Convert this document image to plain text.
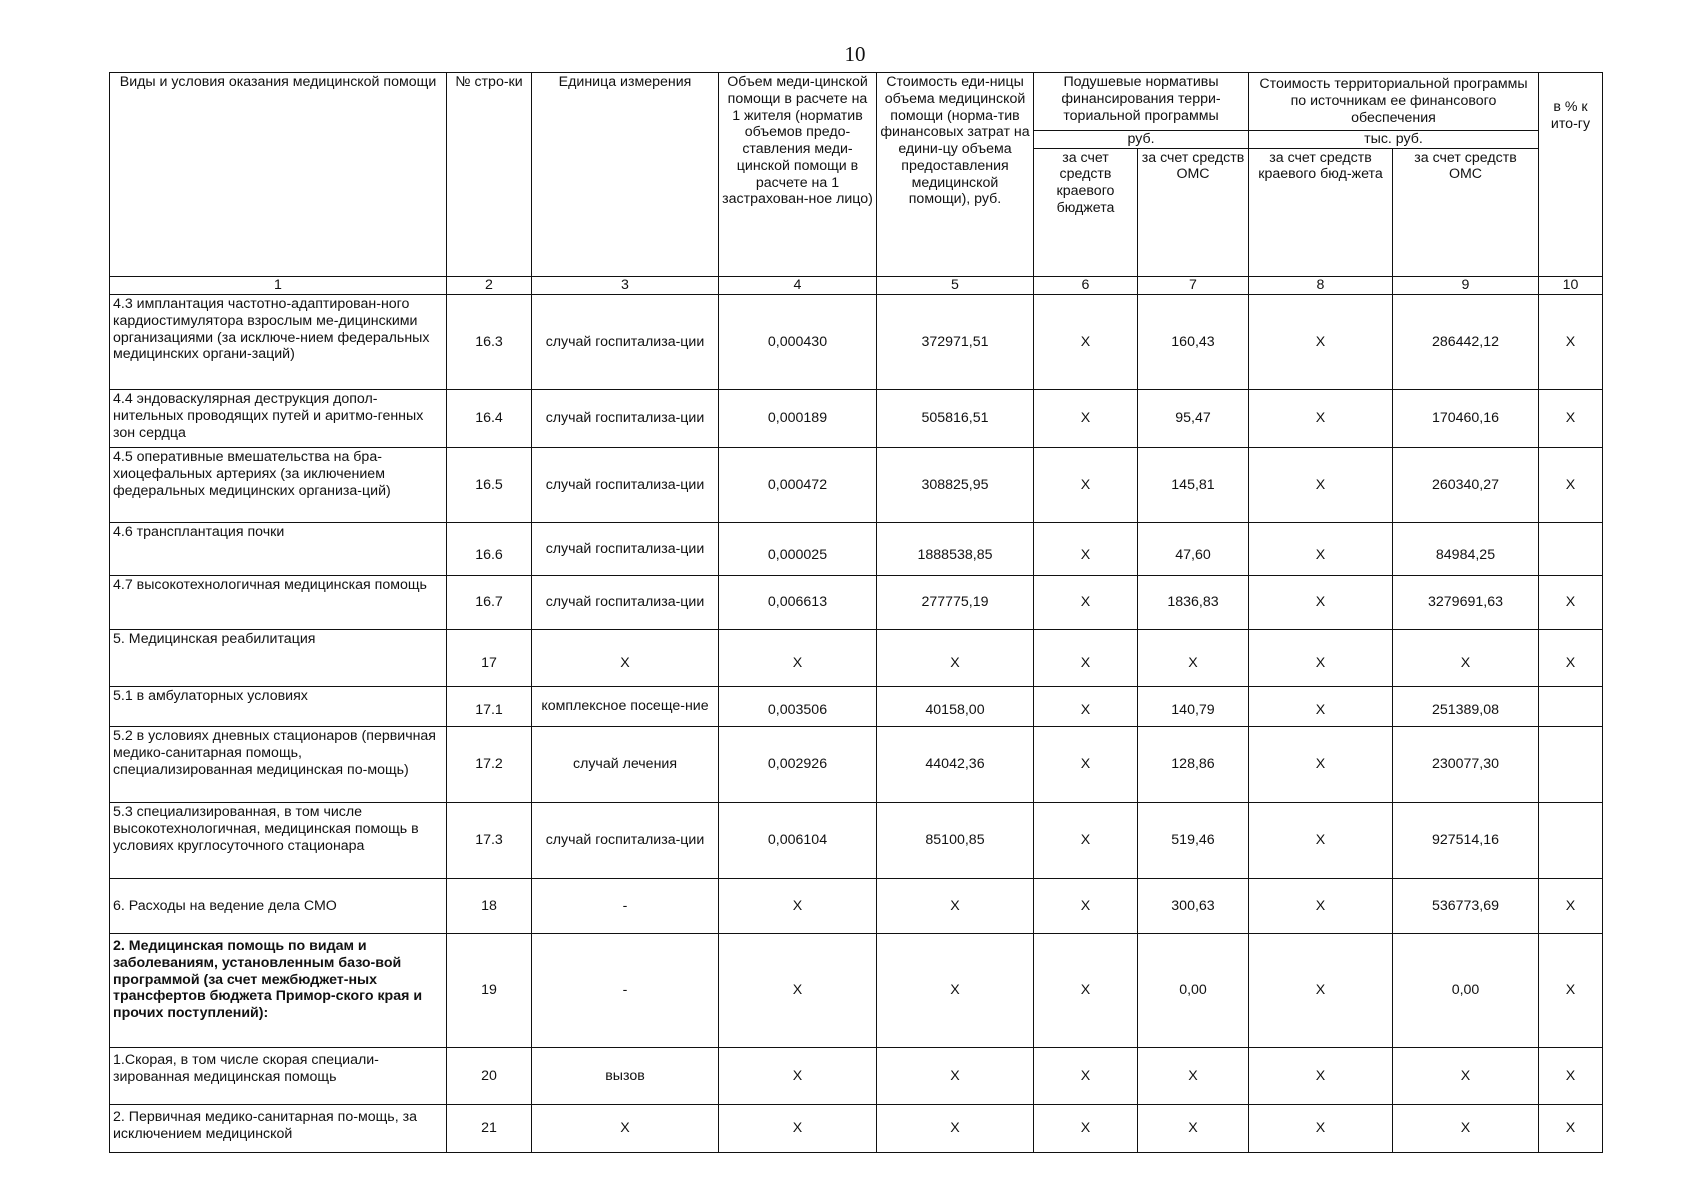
10
Виды и условия оказания медицинской помощи	№ стро-ки	Единица измерения	Объем меди-цинской помощи в расчете на 1 жителя (норматив объемов предо-ставления меди-цинской помощи в расчете на 1 застрахован-ное лицо)	Стоимость еди-ницы объема медицинской помощи (норма-тив финансовых затрат на едини-цу объема предоставления медицинской помощи), руб.	Подушевые нормативы финансирования терри-ториальной программы		Стоимость территориальной программы по источникам ее финансового обеспечения		в % к ито-гу

					руб.		тыс. руб.		
					за счет средств краевого бюджета	за счет средств ОМС	за счет средств краевого бюд-жета	за счет средств ОМС	
1	2	3	4	5	6	7	8	9	10
4.3 имплантация частотно-адаптирован-ного кардиостимулятора взрослым ме-дицинскими организациями (за исключе-нием федеральных медицинских органи-заций)	16.3	случай госпитализа-ции	0,000430	372971,51	X	160,43	X	286442,12	X
4.4 эндоваскулярная деструкция допол-нительных проводящих путей и аритмо-генных зон сердца	16.4	случай госпитализа-ции	0,000189	505816,51	X	95,47	X	170460,16	X
4.5 оперативные вмешательства на бра-хиоцефальных артериях (за иключением федеральных медицинских организа-ций)	16.5	случай госпитализа-ции	0,000472	308825,95	X	145,81	X	260340,27	X
4.6 трансплантация почки	16.6	случай госпитализа-ции	0,000025	1888538,85	X	47,60	X	84984,25	
4.7 высокотехнологичная медицинская помощь	16.7	случай госпитализа-ции	0,006613	277775,19	X	1836,83	X	3279691,63	X
5. Медицинская реабилитация	17	X	X	X	X	X	X	X	X
5.1 в амбулаторных условиях	17.1	комплексное посеще-ние	0,003506	40158,00	X	140,79	X	251389,08	
5.2 в условиях дневных стационаров (первичная медико-санитарная помощь, специализированная медицинская по-мощь)	17.2	случай лечения	0,002926	44042,36	X	128,86	X	230077,30	
5.3 специализированная, в том числе высокотехнологичная, медицинская помощь в условиях круглосуточного стационара	17.3	случай госпитализа-ции	0,006104	85100,85	X	519,46	X	927514,16	
6. Расходы на ведение дела СМО	18	-	X	X	X	300,63	X	536773,69	X
2. Медицинская помощь по видам и заболеваниям, установленным базо-вой программой (за счет межбюджет-ных трансфертов бюджета Примор-ского края и прочих поступлений):	19	-	X	X	X	0,00	X	0,00	X
1.Скорая, в том числе скорая специали-зированная медицинская помощь	20	вызов	X	X	X	X	X	X	X
2. Первичная медико-санитарная по-мощь, за исключением медицинской	21	X	X	X	X	X	X	X	X
